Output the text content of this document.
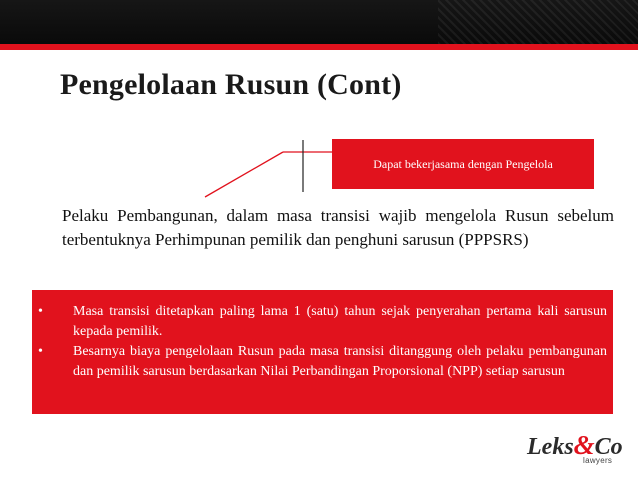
Pengelolaan Rusun (Cont)
Dapat bekerjasama dengan Pengelola
Pelaku Pembangunan, dalam masa transisi wajib mengelola Rusun sebelum terbentuknya Perhimpunan pemilik dan penghuni sarusun (PPPSRS)
•	Masa transisi ditetapkan paling lama 1 (satu) tahun sejak penyerahan pertama kali sarusun kepada pemilik.
•	Besarnya biaya pengelolaan Rusun pada masa transisi ditanggung oleh pelaku pembangunan dan pemilik sarusun berdasarkan Nilai Perbandingan Proporsional (NPP) setiap sarusun
Leks&Co
lawyers
